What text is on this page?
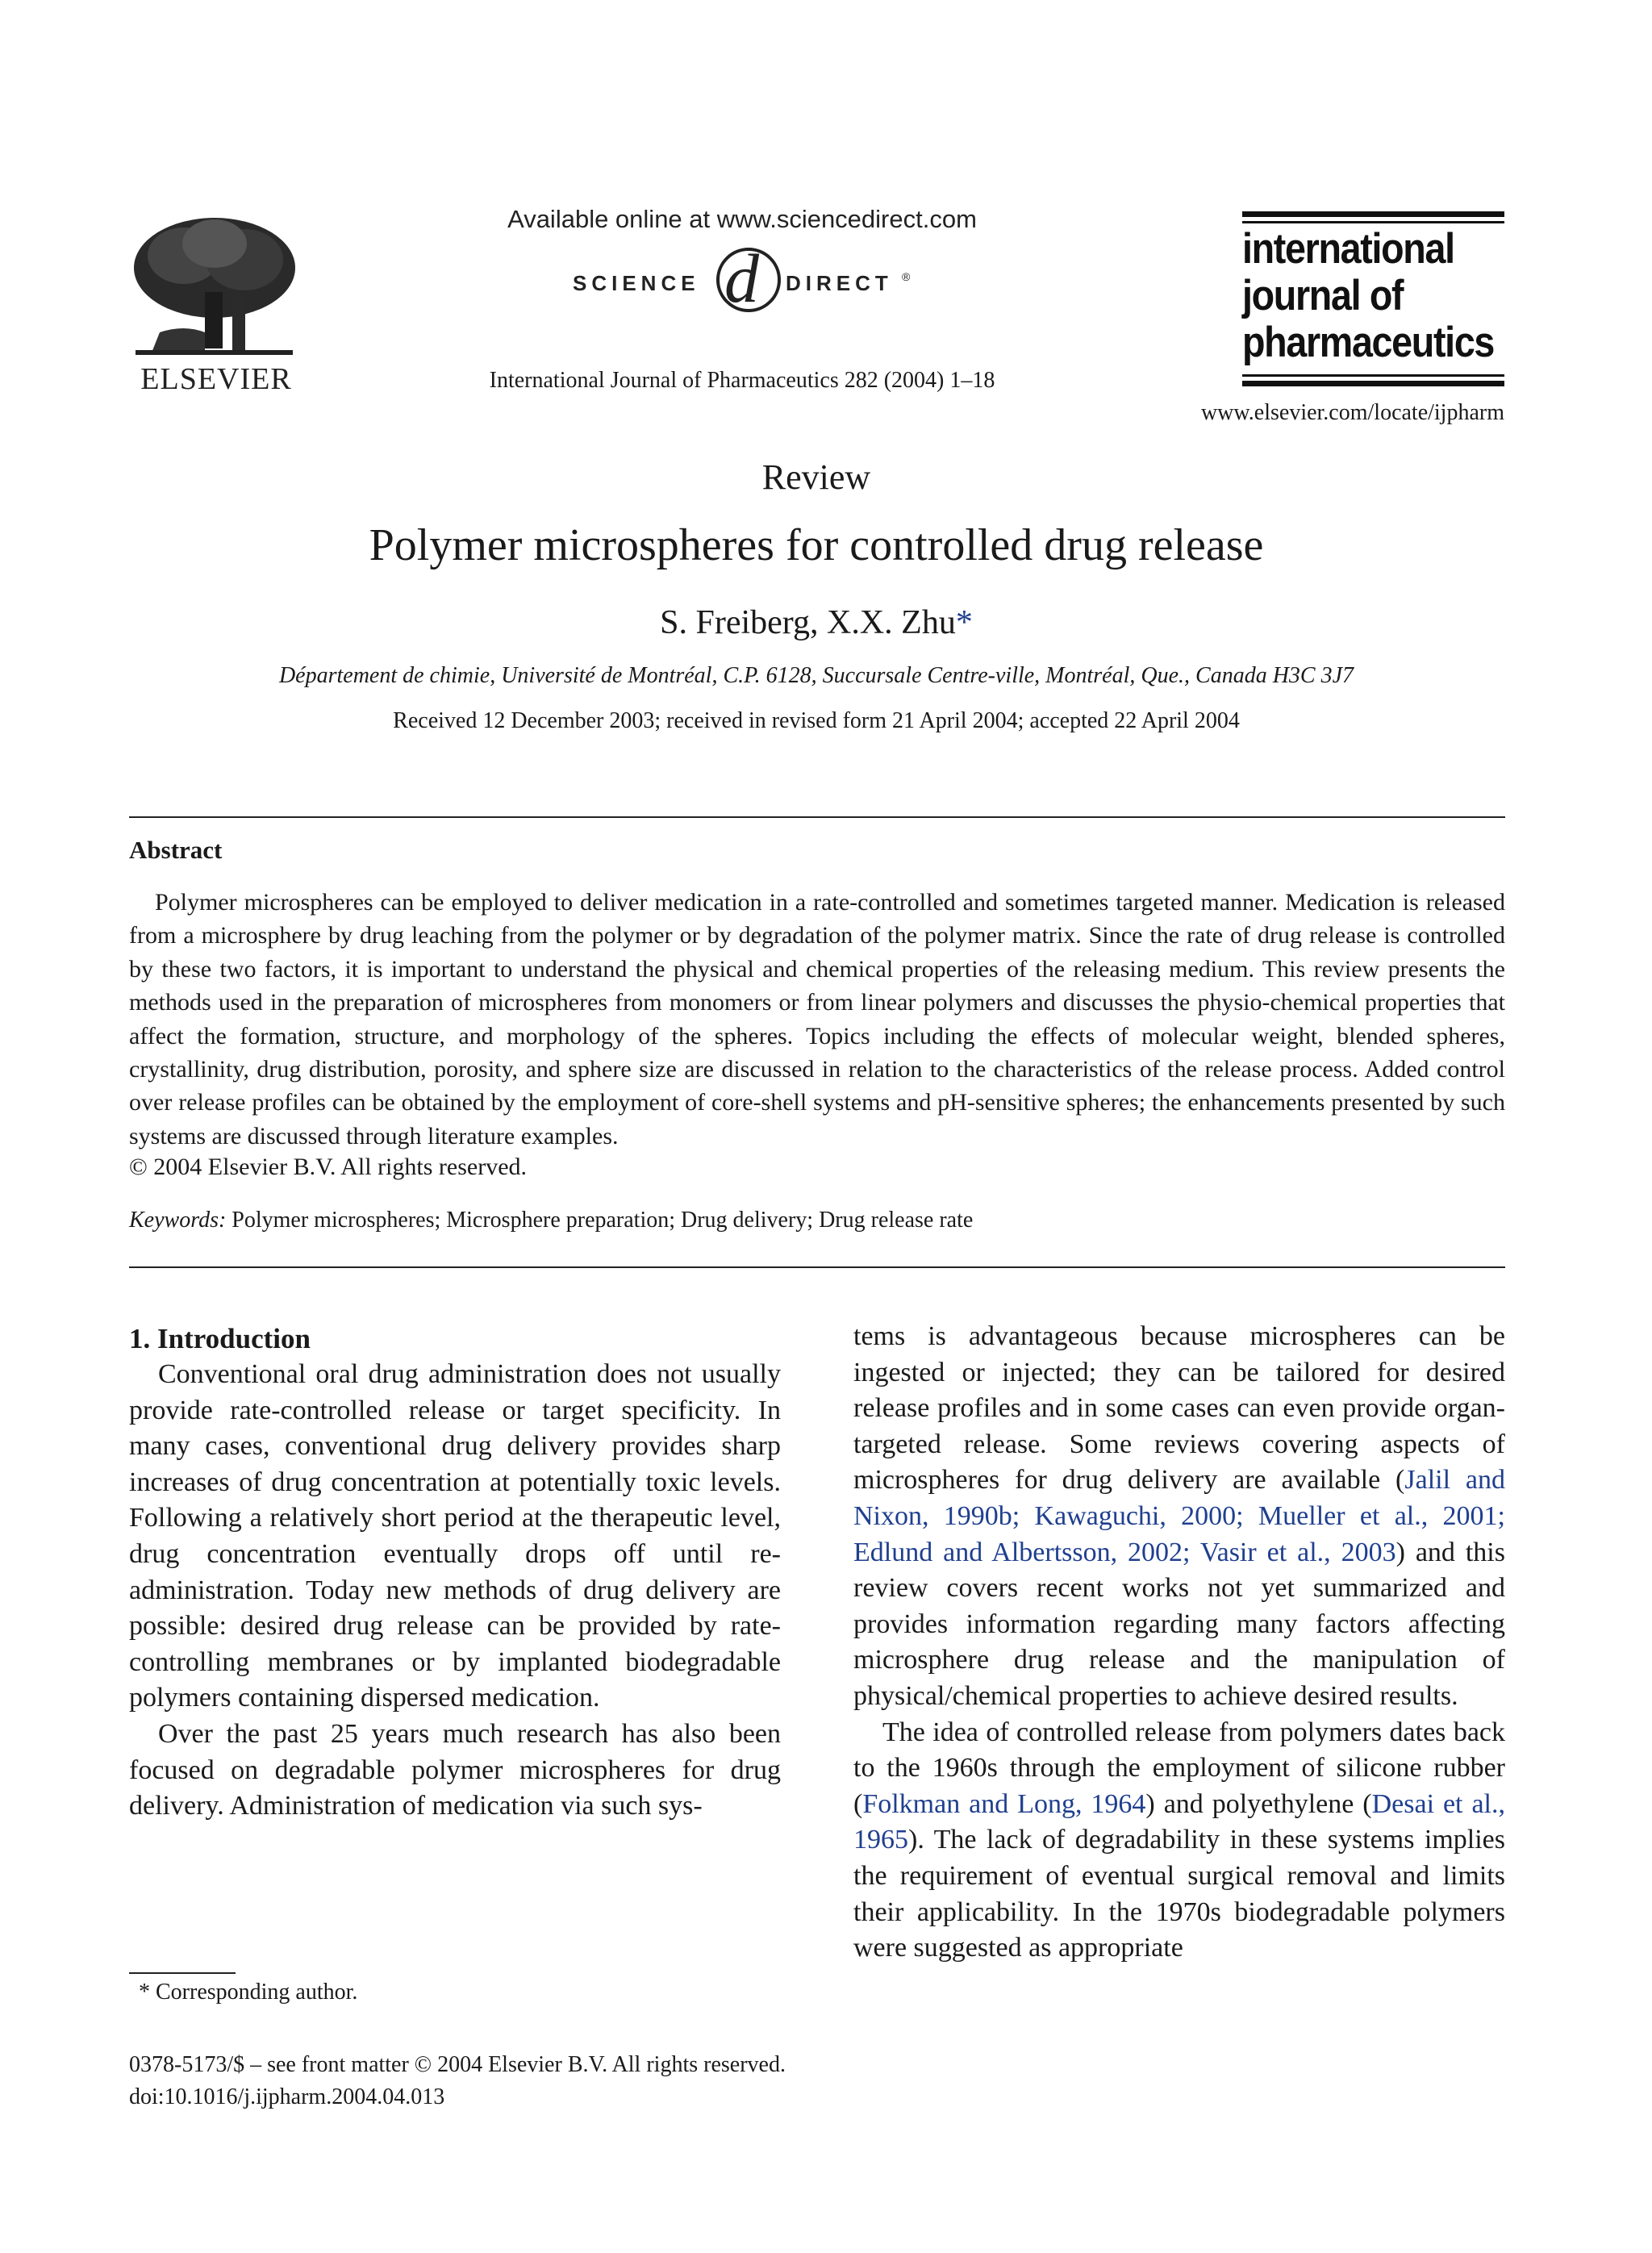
ELSEVIER
Available online at www.sciencedirect.com
SCIENCE d DIRECT ®
International Journal of Pharmaceutics 282 (2004) 1–18
international
journal of
pharmaceutics
www.elsevier.com/locate/ijpharm
Review
Polymer microspheres for controlled drug release
S. Freiberg, X.X. Zhu*
Département de chimie, Université de Montréal, C.P. 6128, Succursale Centre-ville, Montréal, Que., Canada H3C 3J7
Received 12 December 2003; received in revised form 21 April 2004; accepted 22 April 2004
Abstract
Polymer microspheres can be employed to deliver medication in a rate-controlled and sometimes targeted manner. Medication is released from a microsphere by drug leaching from the polymer or by degradation of the polymer matrix. Since the rate of drug release is controlled by these two factors, it is important to understand the physical and chemical properties of the releasing medium. This review presents the methods used in the preparation of microspheres from monomers or from linear polymers and discusses the physio-chemical properties that affect the formation, structure, and morphology of the spheres. Topics including the effects of molecular weight, blended spheres, crystallinity, drug distribution, porosity, and sphere size are discussed in relation to the characteristics of the release process. Added control over release profiles can be obtained by the employment of core-shell systems and pH-sensitive spheres; the enhancements presented by such systems are discussed through literature examples.
© 2004 Elsevier B.V. All rights reserved.
Keywords: Polymer microspheres; Microsphere preparation; Drug delivery; Drug release rate
1. Introduction

Conventional oral drug administration does not usually provide rate-controlled release or target specificity. In many cases, conventional drug delivery provides sharp increases of drug concentration at potentially toxic levels. Following a relatively short period at the therapeutic level, drug concentration eventually drops off until re-administration. Today new methods of drug delivery are possible: desired drug release can be provided by rate-controlling membranes or by implanted biodegradable polymers containing dispersed medication.

Over the past 25 years much research has also been focused on degradable polymer microspheres for drug delivery. Administration of medication via such sys-

tems is advantageous because microspheres can be ingested or injected; they can be tailored for desired release profiles and in some cases can even provide organ-targeted release. Some reviews covering aspects of microspheres for drug delivery are available (Jalil and Nixon, 1990b; Kawaguchi, 2000; Mueller et al., 2001; Edlund and Albertsson, 2002; Vasir et al., 2003) and this review covers recent works not yet summarized and provides information regarding many factors affecting microsphere drug release and the manipulation of physical/chemical properties to achieve desired results.

The idea of controlled release from polymers dates back to the 1960s through the employment of silicone rubber (Folkman and Long, 1964) and polyethylene (Desai et al., 1965). The lack of degradability in these systems implies the requirement of eventual surgical removal and limits their applicability. In the 1970s biodegradable polymers were suggested as appropriate

* Corresponding author.
0378-5173/$ – see front matter © 2004 Elsevier B.V. All rights reserved.
doi:10.1016/j.ijpharm.2004.04.013
